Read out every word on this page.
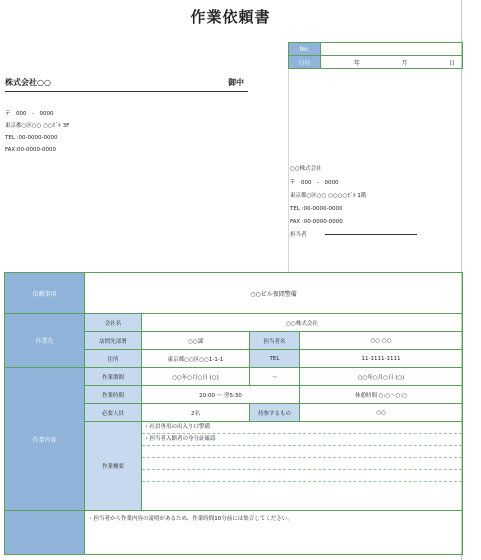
作業依頼書
No.	
日付	年 月 日
株式会社○○	御中
〒　000　-　0000
東京都○区○○ ○○ﾋﾞﾙ 3F
TEL :00-0000-0000
FAX:00-0000-0000
○○株式会社
〒　000　-　0000
東京都○区○○ ○○○○ﾋﾞﾙ 1階
TEL :00-0000-0000
FAX :00-0000-0000
担当者
依頼事項	○○ビル夜間警備			
作業先	会社名	○○株式会社		
	訪問先部署	○○課	担当者名	○○ ○○
	住所	東京都○○区○○1-1-1	TEL	11-1111-1111
作業内容	作業期間	○○年○月○日 (○)	～	○○年○月○日 (○)
	作業時間	20:00 ～ 翌5:30		休憩時間 ○:○～○:○
	必要人員	2名	持参するもの	○○
	作業概要	・社員専用の出入り口警備
・担当者入館者の身分証確認		

	・担当者から作業内容の説明があるため、作業時間10分前には集合してください。			
